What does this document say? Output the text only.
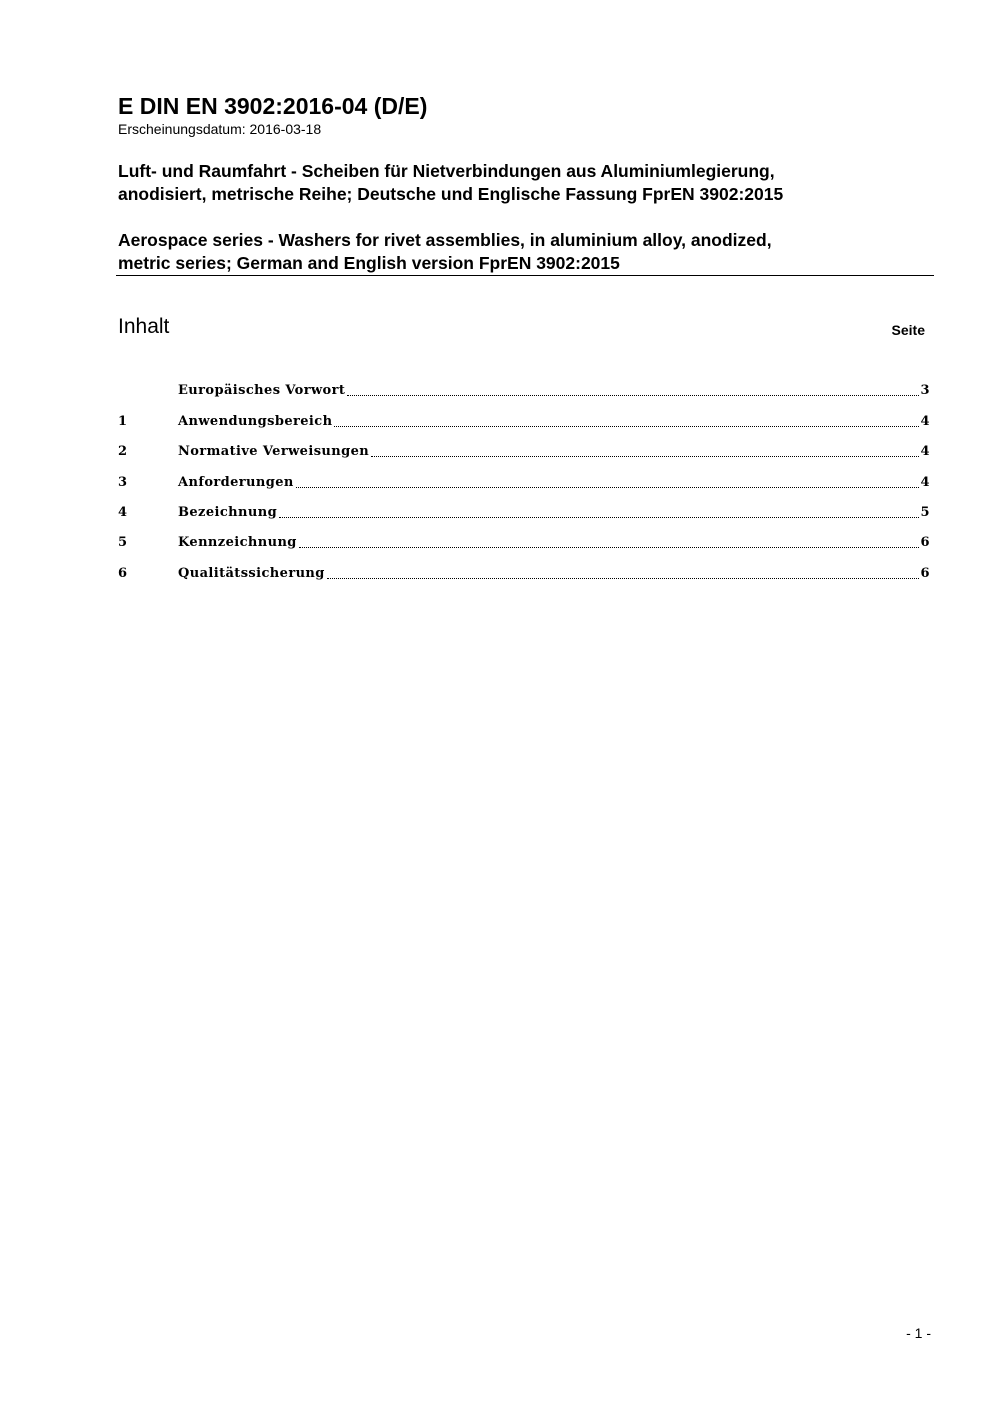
E DIN EN 3902:2016-04 (D/E)
Erscheinungsdatum: 2016-03-18
Luft- und Raumfahrt - Scheiben für Nietverbindungen aus Aluminiumlegierung,
anodisiert, metrische Reihe; Deutsche und Englische Fassung FprEN 3902:2015
Aerospace series - Washers for rivet assemblies, in aluminium alloy, anodized,
metric series; German and English version FprEN 3902:2015
Inhalt	Seite
Europäisches Vorwort	3
1	Anwendungsbereich	4
2	Normative Verweisungen	4
3	Anforderungen	4
4	Bezeichnung	5
5	Kennzeichnung	6
6	Qualitätssicherung	6
- 1 -
